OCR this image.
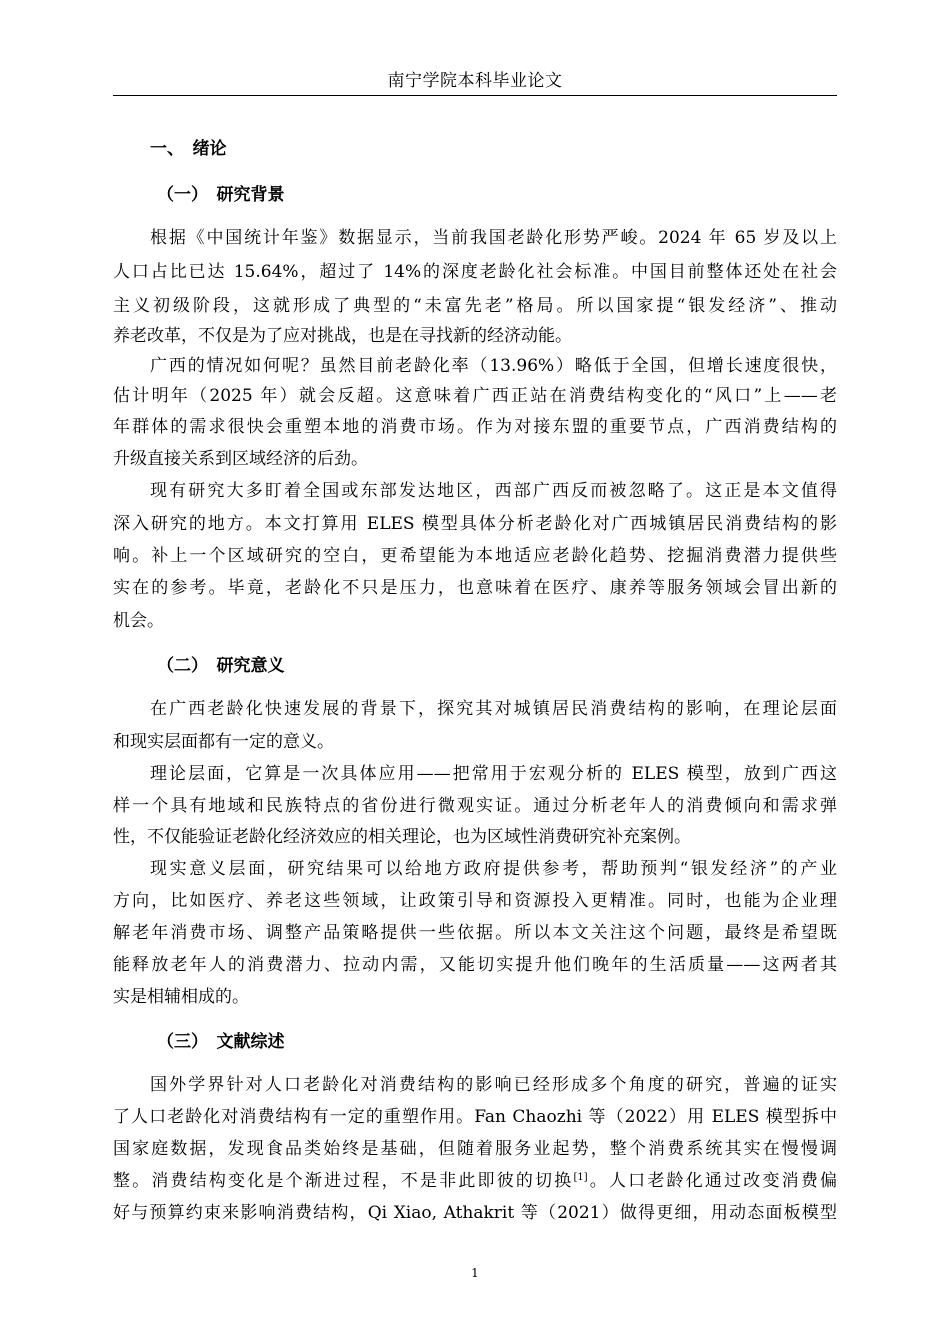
南宁学院本科毕业论文
一、　绪论
（一）　研究背景
根据《中国统计年鉴》数据显示，当前我国老龄化形势严峻。2024 年 65 岁及以上
人口占比已达 15.64%，超过了 14%的深度老龄化社会标准。中国目前整体还处在社会
主义初级阶段，这就形成了典型的“未富先老”格局。所以国家提“银发经济”、推动
养老改革，不仅是为了应对挑战，也是在寻找新的经济动能。
广西的情况如何呢？虽然目前老龄化率（13.96%）略低于全国，但增长速度很快，
估计明年（2025 年）就会反超。这意味着广西正站在消费结构变化的“风口”上——老
年群体的需求很快会重塑本地的消费市场。作为对接东盟的重要节点，广西消费结构的
升级直接关系到区域经济的后劲。
现有研究大多盯着全国或东部发达地区，西部广西反而被忽略了。这正是本文值得
深入研究的地方。本文打算用 ELES 模型具体分析老龄化对广西城镇居民消费结构的影
响。补上一个区域研究的空白，更希望能为本地适应老龄化趋势、挖掘消费潜力提供些
实在的参考。毕竟，老龄化不只是压力，也意味着在医疗、康养等服务领域会冒出新的
机会。
（二）　研究意义
在广西老龄化快速发展的背景下，探究其对城镇居民消费结构的影响，在理论层面
和现实层面都有一定的意义。
理论层面，它算是一次具体应用——把常用于宏观分析的 ELES 模型，放到广西这
样一个具有地域和民族特点的省份进行微观实证。通过分析老年人的消费倾向和需求弹
性，不仅能验证老龄化经济效应的相关理论，也为区域性消费研究补充案例。
现实意义层面，研究结果可以给地方政府提供参考，帮助预判“银发经济”的产业
方向，比如医疗、养老这些领域，让政策引导和资源投入更精准。同时，也能为企业理
解老年消费市场、调整产品策略提供一些依据。所以本文关注这个问题，最终是希望既
能释放老年人的消费潜力、拉动内需，又能切实提升他们晚年的生活质量——这两者其
实是相辅相成的。
（三）　文献综述
国外学界针对人口老龄化对消费结构的影响已经形成多个角度的研究，普遍的证实
了人口老龄化对消费结构有一定的重塑作用。Fan Chaozhi 等（2022）用 ELES 模型拆中
国家庭数据，发现食品类始终是基础，但随着服务业起势，整个消费系统其实在慢慢调
整。消费结构变化是个渐进过程，不是非此即彼的切换[1]。人口老龄化通过改变消费偏
好与预算约束来影响消费结构，Qi Xiao, Athakrit 等（2021）做得更细，用动态面板模型
1
